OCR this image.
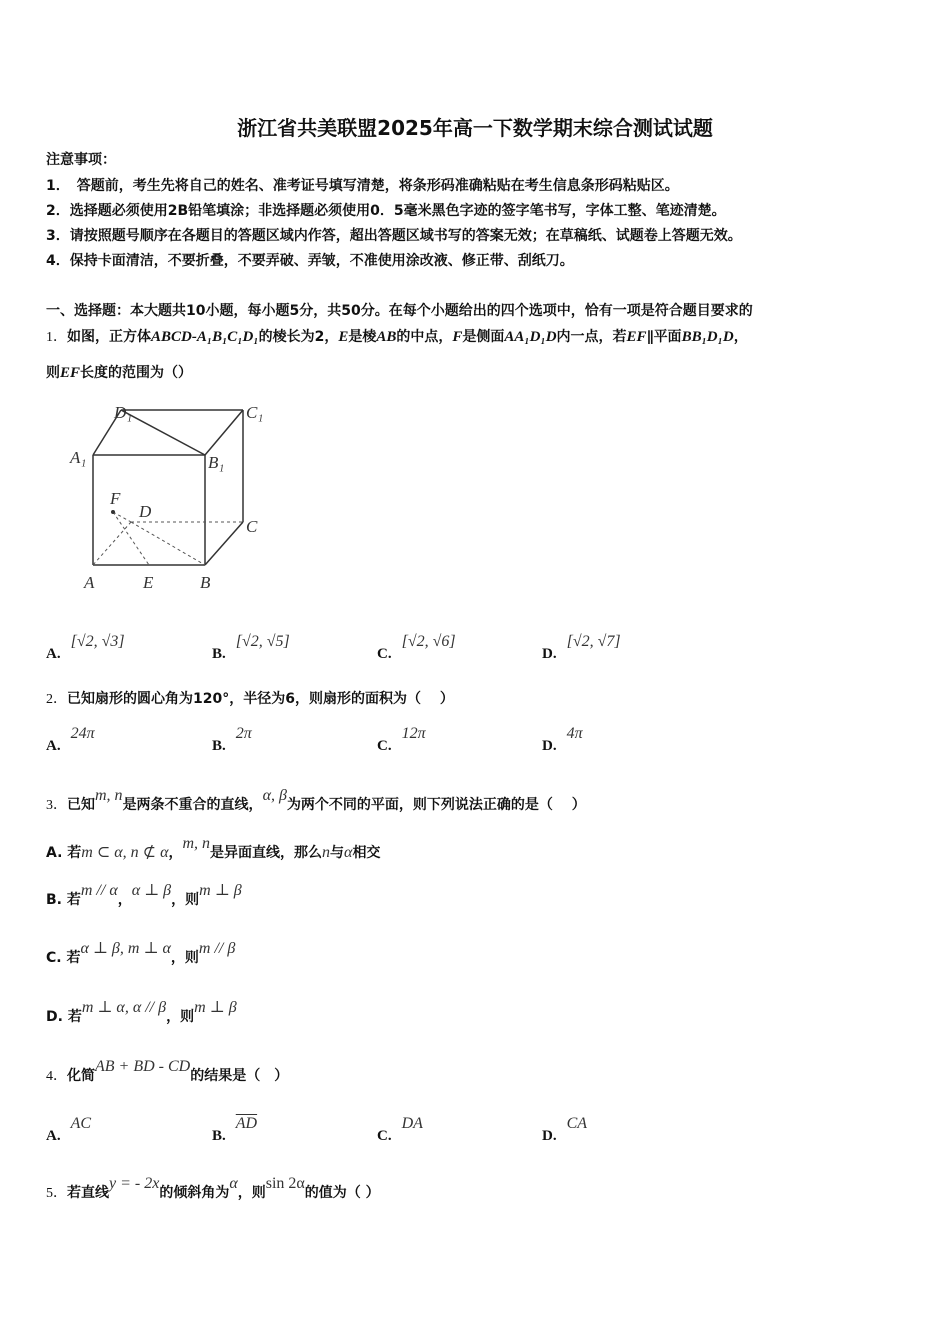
浙江省共美联盟2025年高一下数学期末综合测试试题
注意事项：
1．　答题前，考生先将自己的姓名、准考证号填写清楚，将条形码准确粘贴在考生信息条形码粘贴区。
2．选择题必须使用2B铅笔填涂；非选择题必须使用0．5毫米黑色字迹的签字笔书写，字体工整、笔迹清楚。
3．请按照题号顺序在各题目的答题区域内作答，超出答题区域书写的答案无效；在草稿纸、试题卷上答题无效。
4．保持卡面清洁，不要折叠，不要弄破、弄皱，不准使用涂改液、修正带、刮纸刀。
一、选择题：本大题共10小题，每小题5分，共50分。在每个小题给出的四个选项中，恰有一项是符合题目要求的
1．如图，正方体ABCD-A₁B₁C₁D₁的棱长为2，E是棱AB的中点，F是侧面AA₁D₁D内一点，若EF∥平面BB₁D₁D，
则EF长度的范围为（）
D₁	C₁
A₁	B₁
F
D
C
A	E	B
A.[√2, √3]
B.[√2, √5]
C.[√2, √6]
D.[√2, √7]
2．已知扇形的圆心角为120°，半径为6，则扇形的面积为（　 ）
A.24π
B.2π
C.12π
D.4π
3．已知m, n是两条不重合的直线，α, β为两个不同的平面，则下列说法正确的是（　 ）
A. 若m ⊂ α, n ⊄ α，m, n是异面直线，那么n与α相交
B. 若m // α，α ⊥ β，则m ⊥ β
C. 若α ⊥ β, m ⊥ α，则m // β
D. 若m ⊥ α, α // β，则m ⊥ β
4．化简AB + BD - CD的结果是（　）
A.AC
$B.\overline{AD}$
C.DA
D.CA
5．若直线y = - 2x的倾斜角为α，则sin 2α的值为（ ）
